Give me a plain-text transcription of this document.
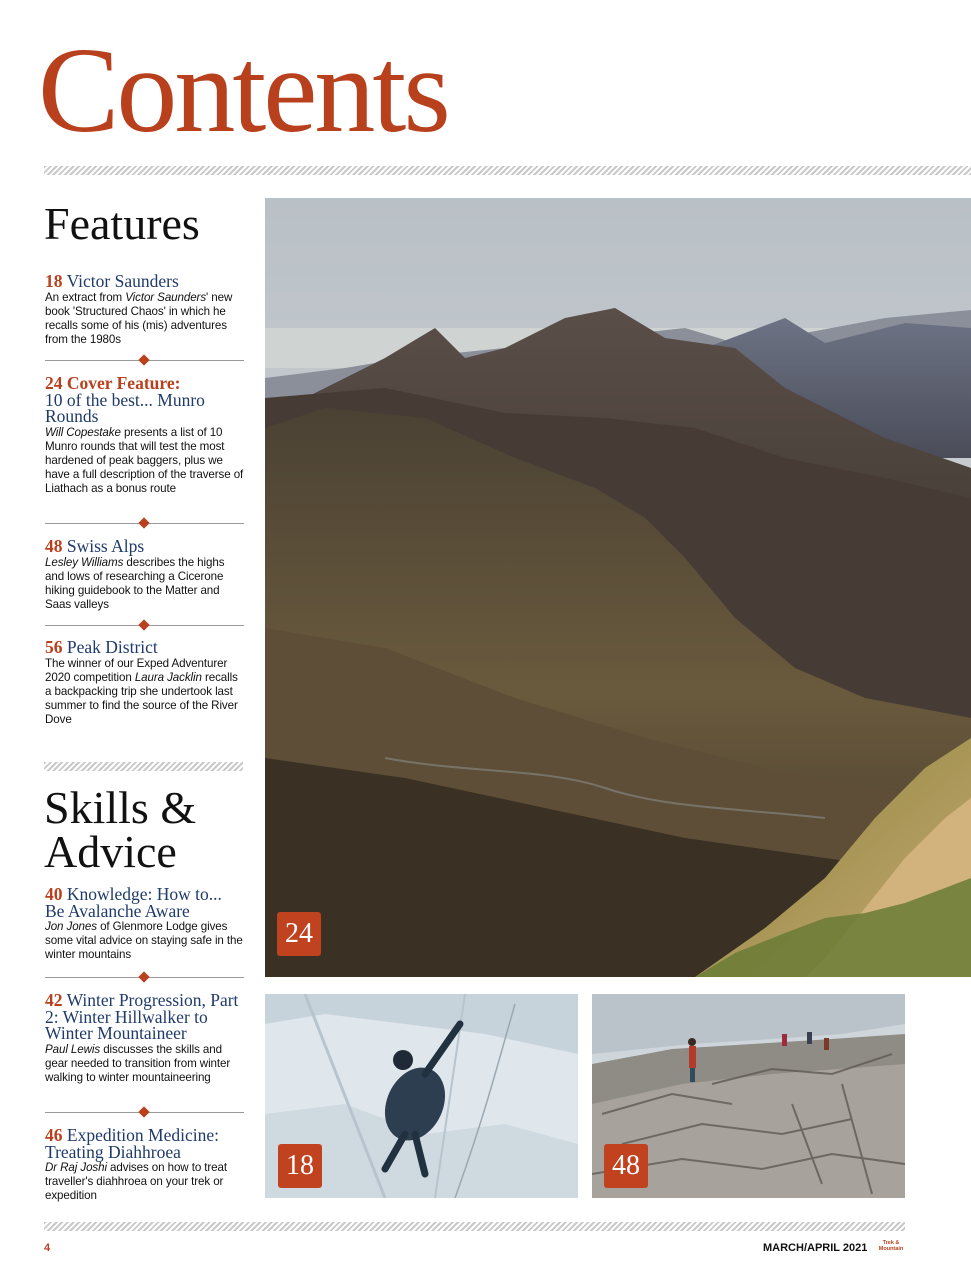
Contents
Features
18 Victor Saunders
An extract from Victor Saunders' new book 'Structured Chaos' in which he recalls some of his (mis) adventures from the 1980s
24 Cover Feature:
10 of the best... Munro Rounds
Will Copestake presents a list of 10 Munro rounds that will test the most hardened of peak baggers, plus we have a full description of the traverse of Liathach as a bonus route
48 Swiss Alps
Lesley Williams describes the highs and lows of researching a Cicerone hiking guidebook to the Matter and Saas valleys
56 Peak District
The winner of our Exped Adventurer 2020 competition Laura Jacklin recalls a backpacking trip she undertook last summer to find the source of the River Dove
Skills &
Advice
40 Knowledge: How to... Be Avalanche Aware
Jon Jones of Glenmore Lodge gives some vital advice on staying safe in the winter mountains
42 Winter Progression, Part 2: Winter Hillwalker to Winter Mountaineer
Paul Lewis discusses the skills and gear needed to transition from winter walking to winter mountaineering
46 Expedition Medicine: Treating Diahhroea
Dr Raj Joshi advises on how to treat traveller's diahhroea on your trek or expedition
24
18	48
4	MARCH/APRIL 2021	Trek & Mountain
